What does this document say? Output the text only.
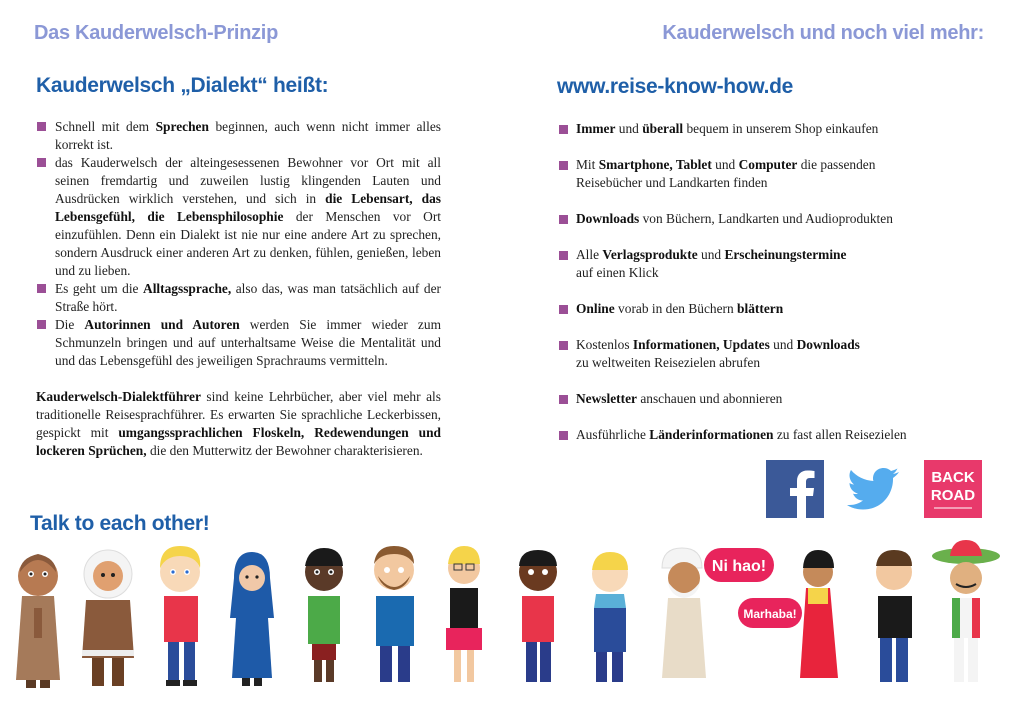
Das Kauderwelsch-Prinzip	Kauderwelsch und noch viel mehr:
Kauderwelsch „Dialekt“ heißt:
Schnell mit dem Sprechen beginnen, auch wenn nicht immer alles korrekt ist.
das Kauderwelsch der alteingesessenen Bewohner vor Ort mit all seinen fremdartig und zuweilen lustig klingenden Lauten und Ausdrücken wirklich verstehen, und sich in die Lebensart, das Lebensgefühl, die Lebensphilosophie der Menschen vor Ort einzufühlen. Denn ein Dialekt ist nie nur eine andere Art zu sprechen, sondern Ausdruck einer anderen Art zu denken, fühlen, genießen, leben und zu lieben.
Es geht um die Alltagssprache, also das, was man tatsächlich auf der Straße hört.
Die Autorinnen und Autoren werden Sie immer wieder zum Schmunzeln bringen und auf unterhaltsame Weise die Mentalität und und das Lebensgefühl des jeweiligen Sprachraums vermitteln.
Kauderwelsch-Dialektführer sind keine Lehrbücher, aber viel mehr als traditionelle Reisesprachführer. Es erwarten Sie sprachliche Leckerbissen, gespickt mit umgangssprachlichen Floskeln, Redewendungen und lockeren Sprüchen, die den Mutterwitz der Bewohner charakterisieren.
Talk to each other!
www.reise-know-how.de
Immer und überall bequem in unserem Shop einkaufen
Mit Smartphone, Tablet und Computer die passenden
Reisebücher und Landkarten finden
Downloads von Büchern, Landkarten und Audioprodukten
Alle Verlagsprodukte und Erscheinungstermine
auf einen Klick
Online vorab in den Büchern blättern
Kostenlos Informationen, Updates und Downloads
zu weltweiten Reisezielen abrufen
Newsletter anschauen und abonnieren
Ausführliche Länderinformationen zu fast allen Reisezielen
BACK
ROAD
Ni hao!
Marhaba!
